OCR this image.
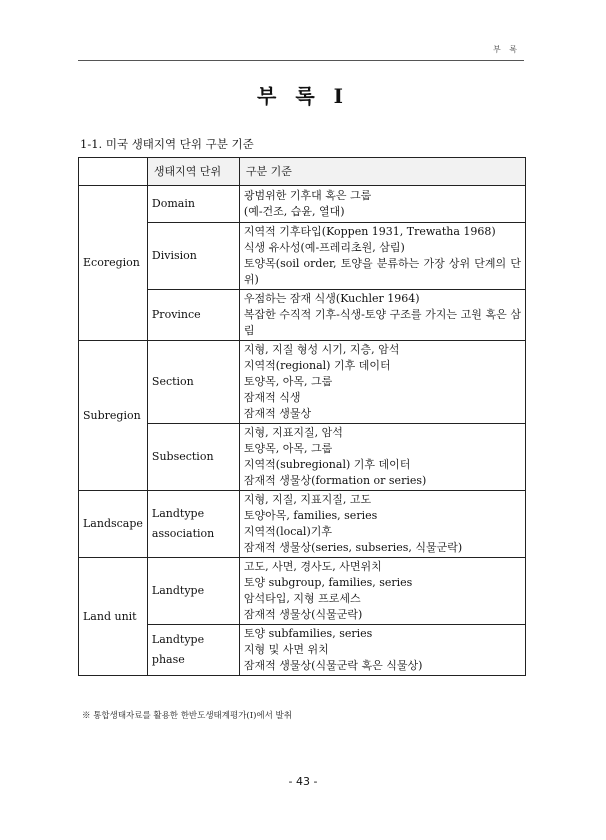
부 록
부 록 I
1-1. 미국 생태지역 단위 구분 기준
	생태지역 단위	구분 기준
Ecoregion	Domain	광범위한 기후대 혹은 그룹
(예-건조, 습윤, 열대)

	Division	지역적 기후타입(Koppen 1931, Trewatha 1968)
식생 유사성(예-프레리초원, 삼림)
토양목(soil order, 토양을 분류하는 가장 상위 단계의 단위)

	Province	우점하는 잠재 식생(Kuchler 1964)
복잡한 수직적 기후-식생-토양 구조를 가지는 고원 혹은 삼림

Subregion	Section	지형, 지질 형성 시기, 지층, 암석
지역적(regional) 기후 데이터
토양목, 아목, 그룹
잠재적 식생
잠재적 생물상

	Subsection	지형, 지표지질, 암석
토양목, 아목, 그룹
지역적(subregional) 기후 데이터
잠재적 생물상(formation or series)

Landscape	Landtype association	지형, 지질, 지표지질, 고도
토양아목, families, series
지역적(local)기후
잠재적 생물상(series, subseries, 식물군락)

Land unit	Landtype	고도, 사면, 경사도, 사면위치
토양 subgroup, families, series
암석타입, 지형 프로세스
잠재적 생물상(식물군락)

	Landtype phase	토양 subfamilies, series
지형 및 사면 위치
잠재적 생물상(식물군락 혹은 식물상)
※ 통합생태자료를 활용한 한반도생태계평가(I)에서 발취
- 43 -
